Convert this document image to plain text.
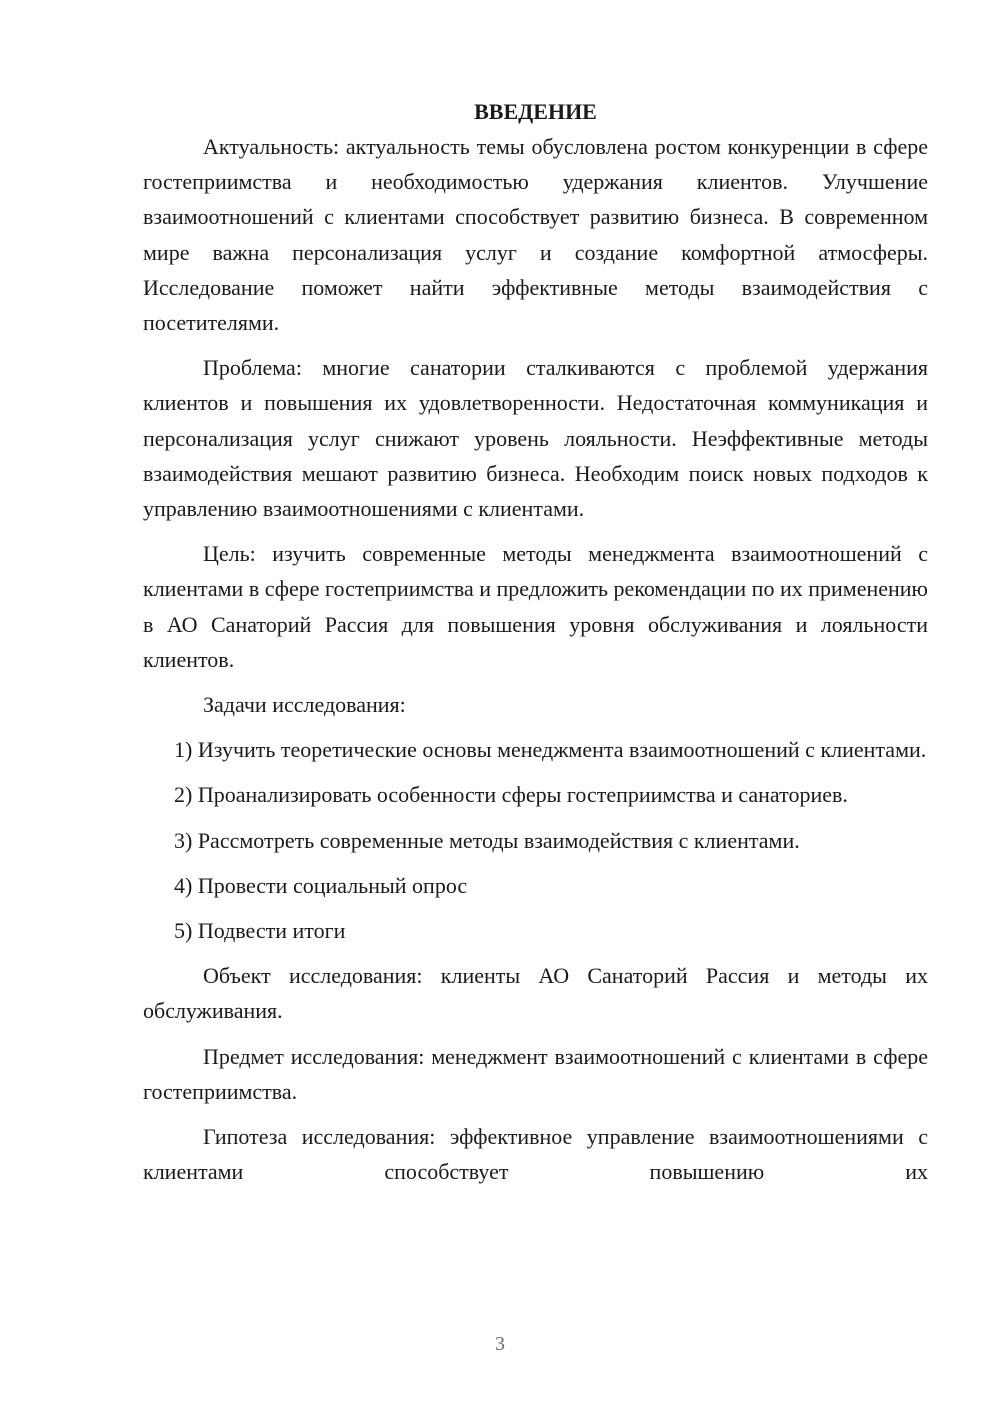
ВВЕДЕНИЕ

Актуальность: актуальность темы обусловлена ростом конкуренции в сфере гостеприимства и необходимостью удержания клиентов. Улучшение взаимоотношений с клиентами способствует развитию бизнеса. В современном мире важна персонализация услуг и создание комфортной атмосферы. Исследование поможет найти эффективные методы взаимодействия с посетителями.

Проблема: многие санатории сталкиваются с проблемой удержания клиентов и повышения их удовлетворенности. Недостаточная коммуникация и персонализация услуг снижают уровень лояльности. Неэффективные методы взаимодействия мешают развитию бизнеса. Необходим поиск новых подходов к управлению взаимоотношениями с клиентами.

Цель: изучить современные методы менеджмента взаимоотношений с клиентами в сфере гостеприимства и предложить рекомендации по их применению в АО Санаторий Рассия для повышения уровня обслуживания и лояльности клиентов.

Задачи исследования:

1) Изучить теоретические основы менеджмента взаимоотношений с клиентами.

2) Проанализировать особенности сферы гостеприимства и санаториев.

3) Рассмотреть современные методы взаимодействия с клиентами.

4) Провести социальный опрос

5) Подвести итоги

Объект исследования: клиенты АО Санаторий Рассия и методы их обслуживания.

Предмет исследования: менеджмент взаимоотношений с клиентами в сфере гостеприимства.

Гипотеза исследования: эффективное управление взаимоотношениями с клиентами способствует повышению их

3
